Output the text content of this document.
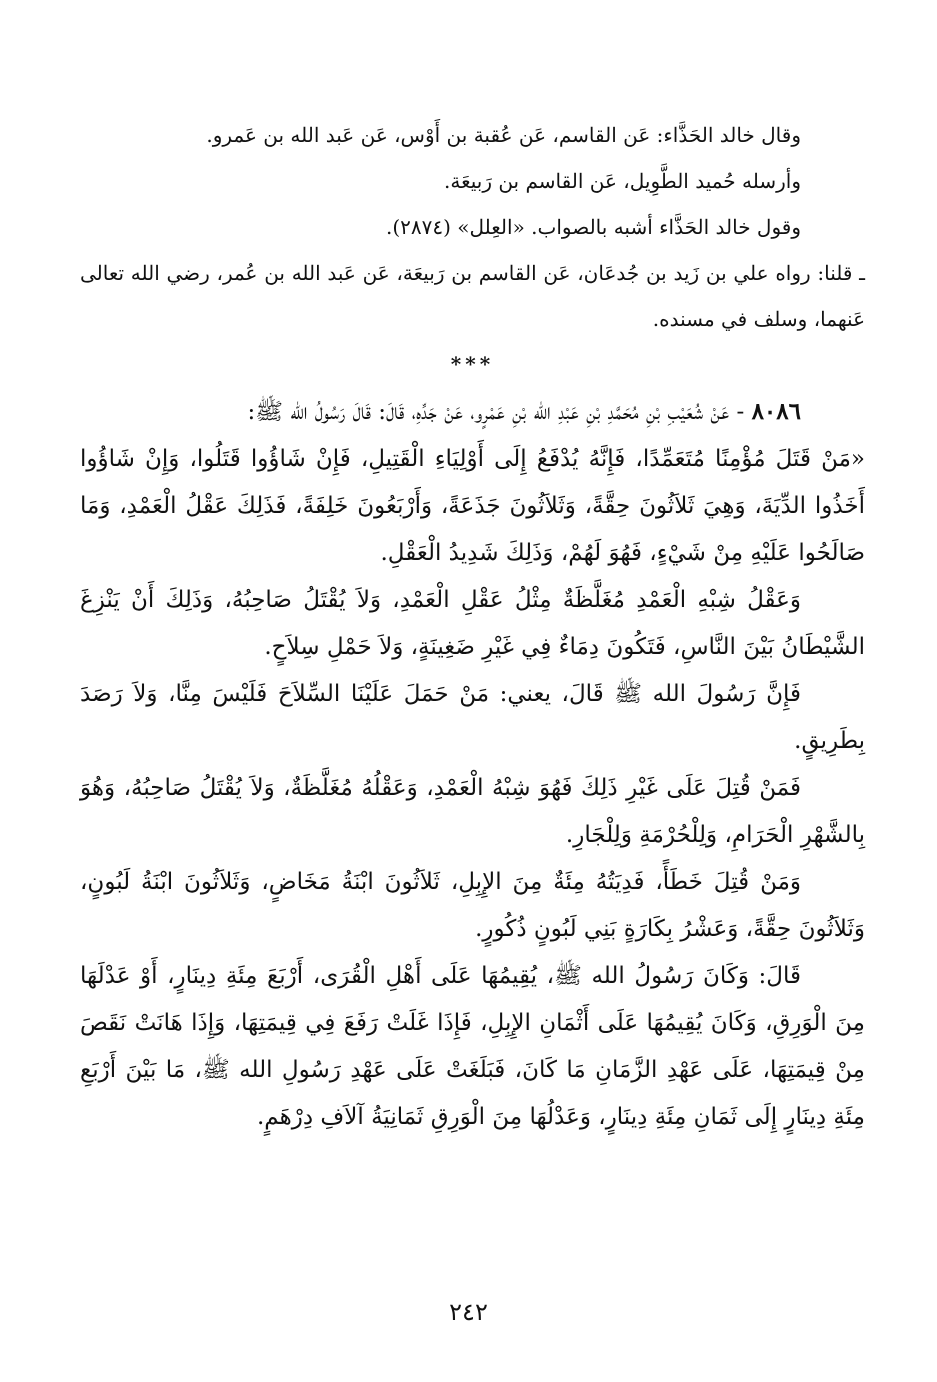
وقال خالد الحَذَّاء: عَن القاسم، عَن عُقبة بن أَوْس، عَن عَبد الله بن عَمرو.

وأرسله حُميد الطَّوِيل، عَن القاسم بن رَبيعَة.

وقول خالد الحَذَّاء أشبه بالصواب. «العِلل» (٢٨٧٤).

ـ قلنا: رواه علي بن زَيد بن جُدعَان، عَن القاسم بن رَبيعَة، عَن عَبد الله بن عُمر، رضي الله تعالى عَنهما، وسلف في مسنده.

***

٨٠٨٦ - عَنْ شُعَيْبِ بْنِ مُحَمَّدِ بْنِ عَبْدِ الله بْنِ عَمْرٍو، عَنْ جَدِّهِ، قَالَ: قَالَ رَسُولُ الله ﷺ:

«مَنْ قَتَلَ مُؤْمِنًا مُتَعَمِّدًا، فَإِنَّهُ يُدْفَعُ إِلَى أَوْلِيَاءِ الْقَتِيلِ، فَإِنْ شَاؤُوا قَتَلُوا، وَإِنْ شَاؤُوا أَخَذُوا الدِّيَةَ، وَهِيَ ثَلاَثُونَ حِقَّةً، وَثَلاَثُونَ جَذَعَةً، وَأَرْبَعُونَ خَلِفَةً، فَذَلِكَ عَقْلُ الْعَمْدِ، وَمَا صَالَحُوا عَلَيْهِ مِنْ شَيْءٍ، فَهُوَ لَهُمْ، وَذَلِكَ شَدِيدُ الْعَقْلِ.

وَعَقْلُ شِبْهِ الْعَمْدِ مُغَلَّظَةٌ مِثْلُ عَقْلِ الْعَمْدِ، وَلاَ يُقْتَلُ صَاحِبُهُ، وَذَلِكَ أَنْ يَنْزِغَ الشَّيْطَانُ بَيْنَ النَّاسِ، فَتَكُونَ دِمَاءٌ فِي غَيْرِ ضَغِينَةٍ، وَلاَ حَمْلِ سِلاَحٍ.

فَإِنَّ رَسُولَ الله ﷺ قَالَ، يعني: مَنْ حَمَلَ عَلَيْنَا السِّلاَحَ فَلَيْسَ مِنَّا، وَلاَ رَصَدَ بِطَرِيقٍ.

فَمَنْ قُتِلَ عَلَى غَيْرِ ذَلِكَ فَهُوَ شِبْهُ الْعَمْدِ، وَعَقْلُهُ مُغَلَّظَةٌ، وَلاَ يُقْتَلُ صَاحِبُهُ، وَهُوَ بِالشَّهْرِ الْحَرَامِ، وَلِلْحُرْمَةِ وَلِلْجَارِ.

وَمَنْ قُتِلَ خَطَأً، فَدِيَتُهُ مِئَةٌ مِنَ الإِبِلِ، ثَلاَثُونَ ابْنَةُ مَخَاضٍ، وَثَلاَثُونَ ابْنَةُ لَبُونٍ، وَثَلاَثُونَ حِقَّةً، وَعَشْرُ بِكَارَةٍ بَنِي لَبُونٍ ذُكُورٍ.

قَالَ: وَكَانَ رَسُولُ الله ﷺ، يُقِيمُهَا عَلَى أَهْلِ الْقُرَى، أَرْبَعَ مِئَةِ دِينَارٍ، أَوْ عَدْلَهَا مِنَ الْوَرِقِ، وَكَانَ يُقِيمُهَا عَلَى أَثْمَانِ الإِبِلِ، فَإِذَا غَلَتْ رَفَعَ فِي قِيمَتِهَا، وَإِذَا هَانَتْ نَقَصَ مِنْ قِيمَتِهَا، عَلَى عَهْدِ الزَّمَانِ مَا كَانَ، فَبَلَغَتْ عَلَى عَهْدِ رَسُولِ الله ﷺ، مَا بَيْنَ أَرْبَعِ مِئَةِ دِينَارٍ إِلَى ثَمَانِ مِئَةِ دِينَارٍ، وَعَدْلُهَا مِنَ الْوَرِقِ ثَمَانِيَةُ آلاَفِ دِرْهَمٍ.

٢٤٢
